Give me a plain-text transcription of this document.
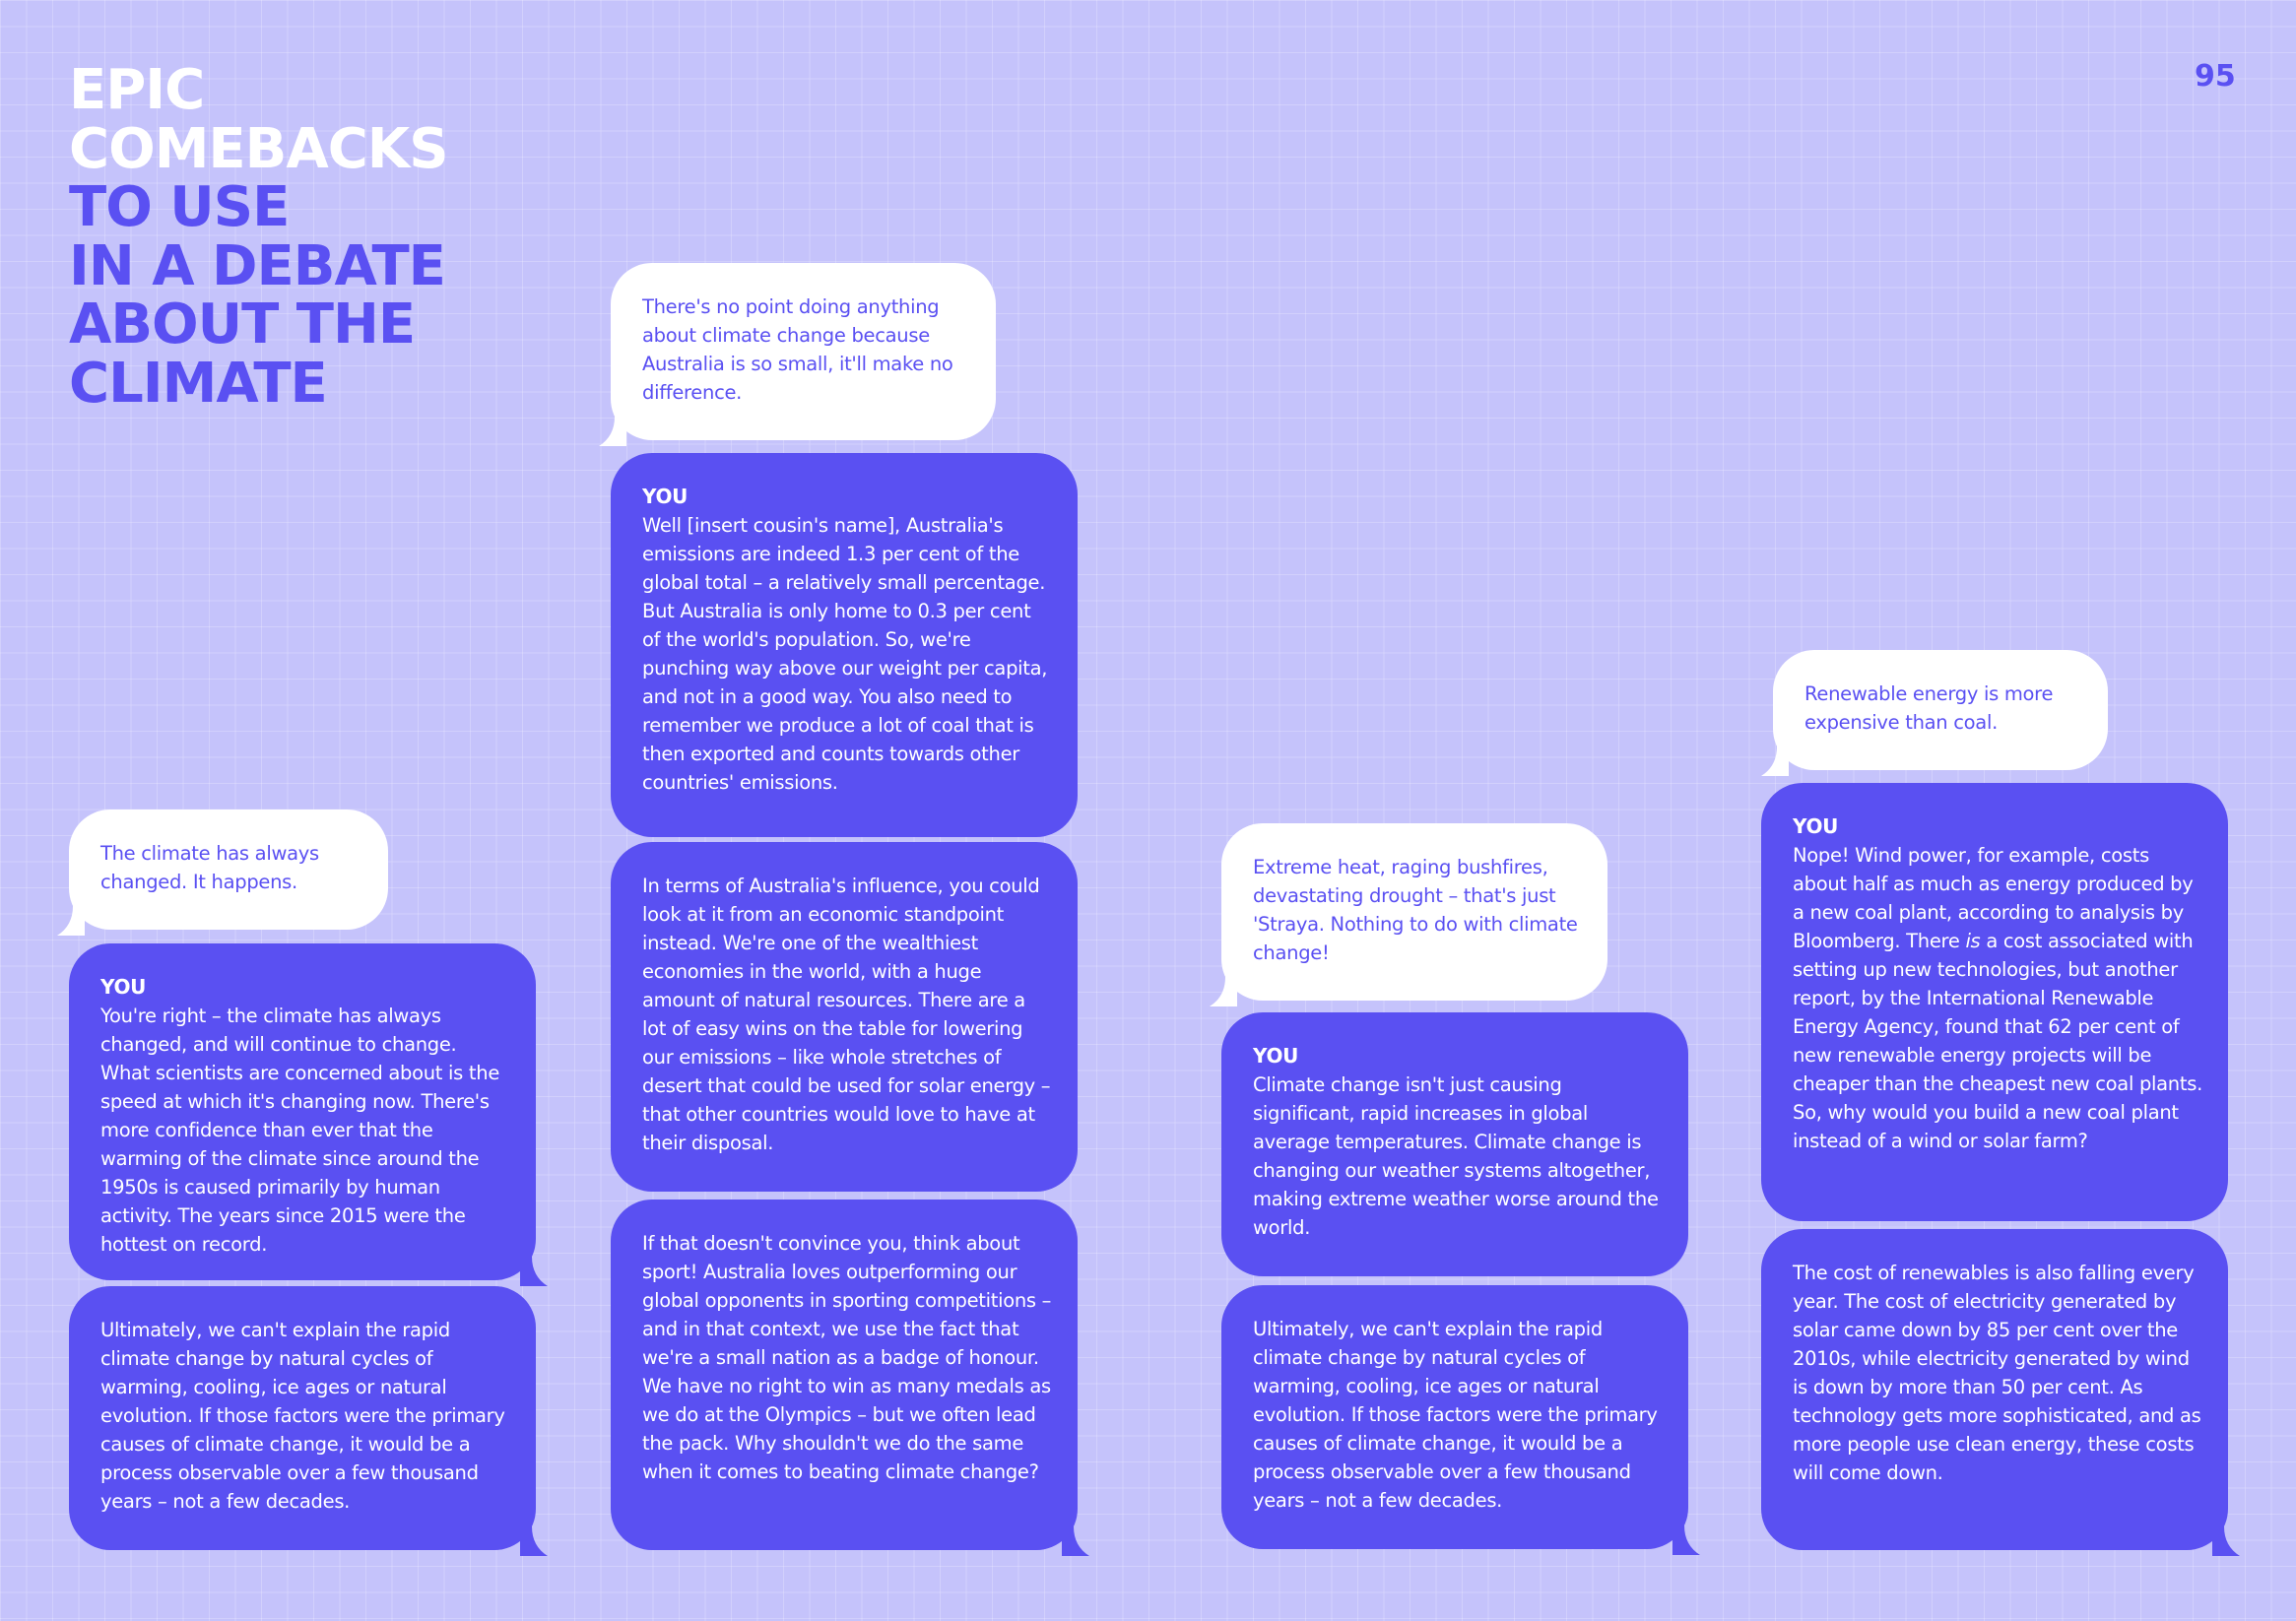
EPIC
COMEBACKS
TO USE
IN A DEBATE
ABOUT THE
CLIMATE
95
The climate has always changed. It happens.
YOU
You're right – the climate has always changed, and will continue to change. What scientists are concerned about is the speed at which it's changing now. There's more confidence than ever that the warming of the climate since around the 1950s is caused primarily by human activity. The years since 2015 were the hottest on record.
Ultimately, we can't explain the rapid climate change by natural cycles of warming, cooling, ice ages or natural evolution. If those factors were the primary causes of climate change, it would be a process observable over a few thousand years – not a few decades.
There's no point doing anything about climate change because Australia is so small, it'll make no difference.
YOU
Well [insert cousin's name], Australia's emissions are indeed 1.3 per cent of the global total – a relatively small percentage. But Australia is only home to 0.3 per cent of the world's population. So, we're punching way above our weight per capita, and not in a good way. You also need to remember we produce a lot of coal that is then exported and counts towards other countries' emissions.
In terms of Australia's influence, you could look at it from an economic standpoint instead. We're one of the wealthiest economies in the world, with a huge amount of natural resources. There are a lot of easy wins on the table for lowering our emissions – like whole stretches of desert that could be used for solar energy – that other countries would love to have at their disposal.
If that doesn't convince you, think about sport! Australia loves outperforming our global opponents in sporting competitions – and in that context, we use the fact that we're a small nation as a badge of honour. We have no right to win as many medals as we do at the Olympics – but we often lead the pack. Why shouldn't we do the same when it comes to beating climate change?
Extreme heat, raging bushfires, devastating drought – that's just 'Straya. Nothing to do with climate change!
YOU
Climate change isn't just causing significant, rapid increases in global average temperatures. Climate change is changing our weather systems altogether, making extreme weather worse around the world.
Ultimately, we can't explain the rapid climate change by natural cycles of warming, cooling, ice ages or natural evolution. If those factors were the primary causes of climate change, it would be a process observable over a few thousand years – not a few decades.
Renewable energy is more expensive than coal.
YOU
Nope! Wind power, for example, costs about half as much as energy produced by a new coal plant, according to analysis by Bloomberg. There is a cost associated with setting up new technologies, but another report, by the International Renewable Energy Agency, found that 62 per cent of new renewable energy projects will be cheaper than the cheapest new coal plants. So, why would you build a new coal plant instead of a wind or solar farm?
The cost of renewables is also falling every year. The cost of electricity generated by solar came down by 85 per cent over the 2010s, while electricity generated by wind is down by more than 50 per cent. As technology gets more sophisticated, and as more people use clean energy, these costs will come down.
